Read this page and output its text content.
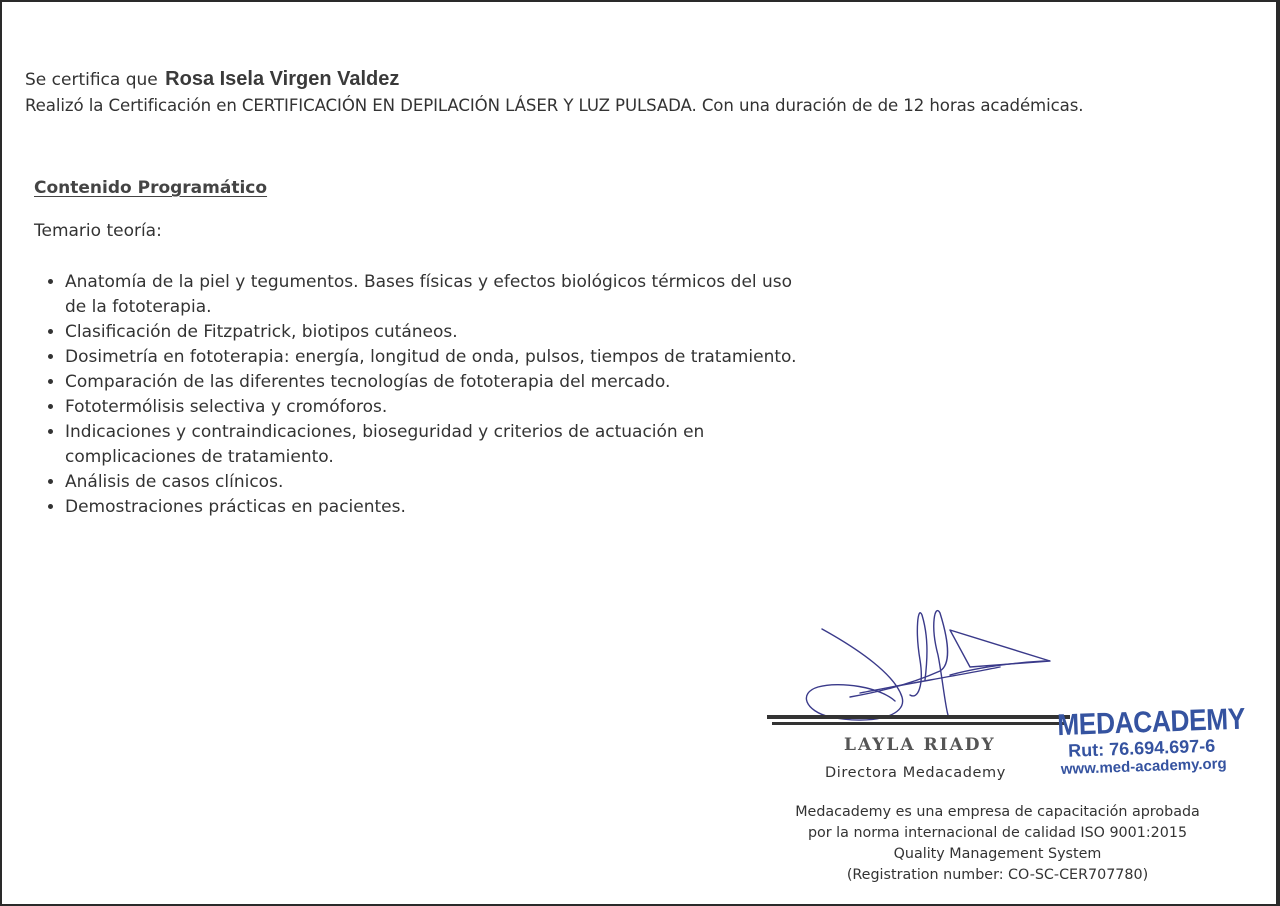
Se certifica que Rosa Isela Virgen Valdez
Realizó la Certificación en CERTIFICACIÓN EN DEPILACIÓN LÁSER Y LUZ PULSADA. Con una duración de de 12 horas académicas.
Contenido Programático
Temario teoría:
• Anatomía de la piel y tegumentos. Bases físicas y efectos biológicos térmicos del uso de la fototerapia.
• Clasificación de Fitzpatrick, biotipos cutáneos.
• Dosimetría en fototerapia: energía, longitud de onda, pulsos, tiempos de tratamiento.
• Comparación de las diferentes tecnologías de fototerapia del mercado.
• Fototermólisis selectiva y cromóforos.
• Indicaciones y contraindicaciones, bioseguridad y criterios de actuación en complicaciones de tratamiento.
• Análisis de casos clínicos.
• Demostraciones prácticas en pacientes.
LAYLA RIADY
Directora Medacademy
MEDACADEMY
Rut: 76.694.697-6
www.med-academy.org
Medacademy es una empresa de capacitación aprobada
por la norma internacional de calidad ISO 9001:2015
Quality Management System
(Registration number: CO-SC-CER707780)
